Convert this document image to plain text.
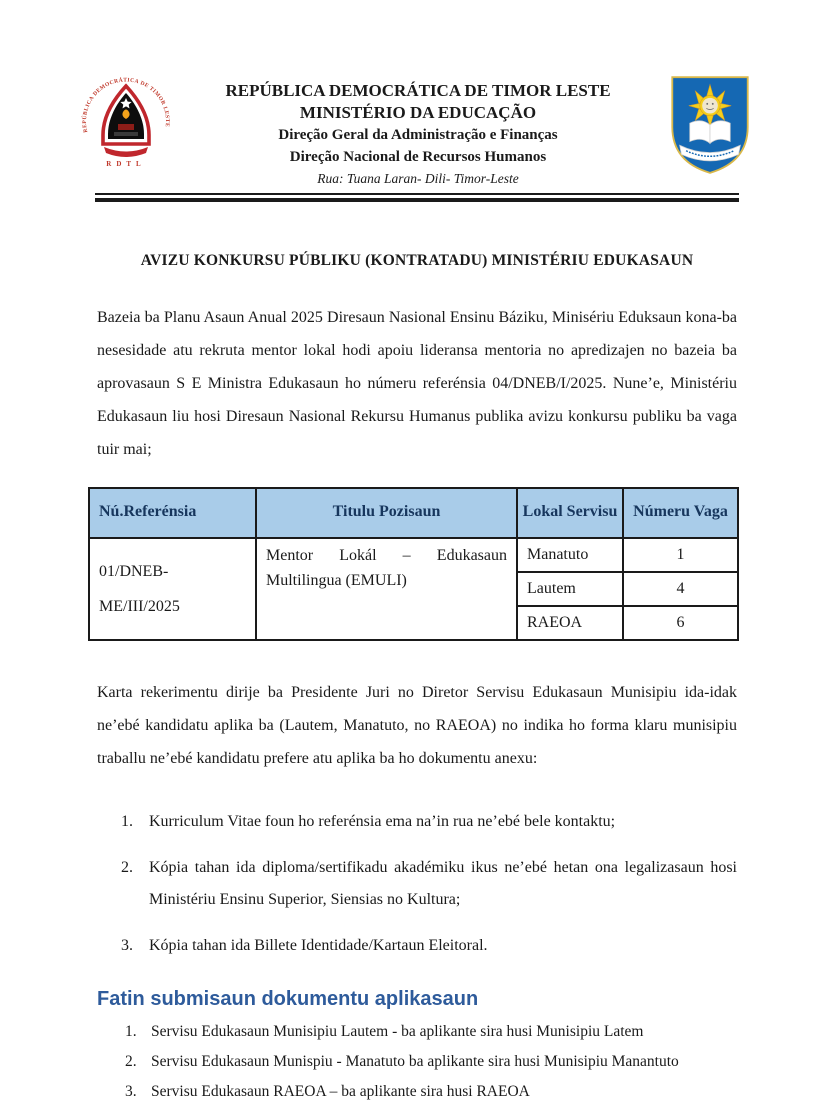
REPÚBLICA DEMOCRÁTICA DE TIMOR LESTE
RDTL
REPÚBLICA DEMOCRÁTICA DE TIMOR LESTE
MINISTÉRIO DA EDUCAÇÃO
Direção Geral da Administração e Finanças
Direção Nacional de Recursos Humanos
Rua: Tuana Laran- Dili- Timor-Leste
AVIZU KONKURSU PÚBLIKU (KONTRATADU) MINISTÉRIU EDUKASAUN

Bazeia ba Planu Asaun Anual 2025 Diresaun Nasional Ensinu Báziku, Minisériu Eduksaun kona-ba nesesidade atu rekruta mentor lokal hodi apoiu lideransa mentoria no apredizajen no bazeia ba aprovasaun S E Ministra Edukasaun ho númeru referénsia 04/DNEB/I/2025. Nune’e, Ministériu Edukasaun liu hosi Diresaun Nasional Rekursu Humanus publika avizu konkursu publiku ba vaga tuir mai;

Nú.Referénsia	Titulu Pozisaun	Lokal Servisu	Númeru Vaga

01/DNEB-
ME/III/2025	Mentor Lokál – Edukasaun Multilingua (EMULI)	Manatuto	1
		Lautem	4
		RAEOA	6

Karta rekerimentu dirije ba Presidente Juri no Diretor Servisu Edukasaun Munisipiu ida-idak ne’ebé kandidatu aplika ba (Lautem, Manatuto, no RAEOA) no indika ho forma klaru munisipiu traballu ne’ebé kandidatu prefere atu aplika ba ho dokumentu anexu:

1.	Kurriculum Vitae foun ho referénsia ema na’in rua ne’ebé bele kontaktu;
2.	Kópia tahan ida diploma/sertifikadu akadémiku ikus ne’ebé hetan ona legalizasaun hosi Ministériu Ensinu Superior, Siensias no Kultura;
3.	Kópia tahan ida Billete Identidade/Kartaun Eleitoral.
Fatin submisaun dokumentu aplikasaun
1. Servisu Edukasaun Munisipiu Lautem - ba aplikante sira husi Munisipiu Latem
2. Servisu Edukasaun Munispiu - Manatuto ba aplikante sira husi Munisipiu Manantuto
3. Servisu Edukasaun RAEOA – ba aplikante sira husi RAEOA
